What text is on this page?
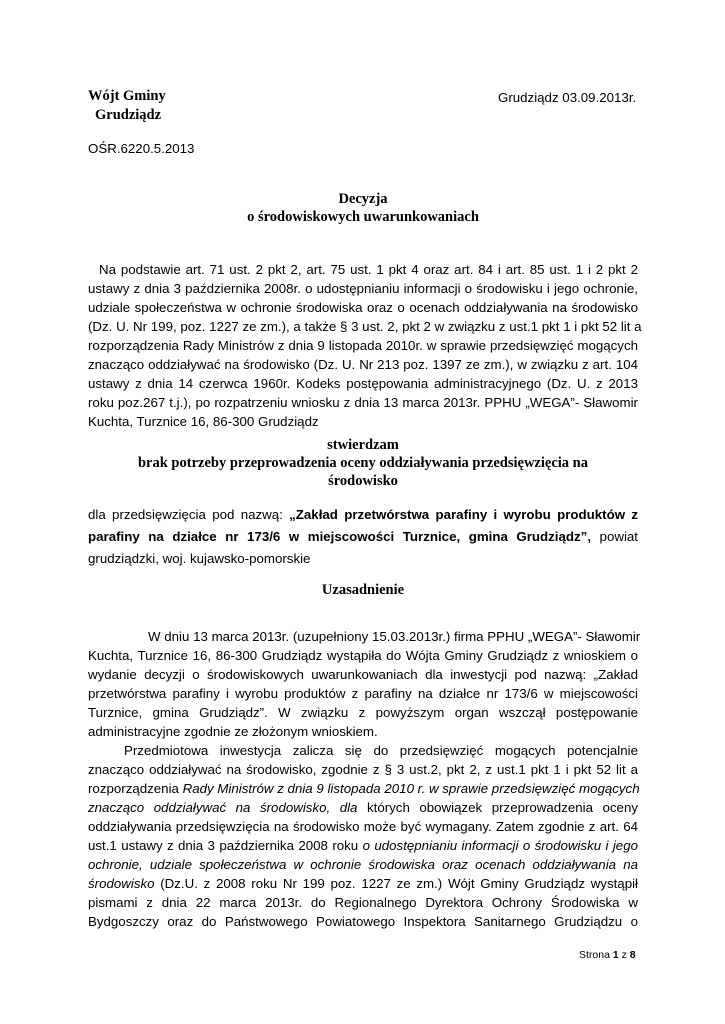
Wójt Gminy
Grudziądz
Grudziądz 03.09.2013r.
OŚR.6220.5.2013
Decyzja
o środowiskowych uwarunkowaniach
Na podstawie art. 71 ust. 2 pkt 2, art. 75 ust. 1 pkt 4 oraz art. 84 i art. 85 ust. 1 i 2 pkt 2
ustawy z dnia 3 października 2008r. o udostępnianiu informacji o środowisku i jego ochronie,
udziale społeczeństwa w ochronie środowiska oraz o ocenach oddziaływania na środowisko
(Dz. U. Nr 199, poz. 1227 ze zm.), a także § 3 ust. 2, pkt 2 w związku z ust.1 pkt 1 i pkt 52 lit a
rozporządzenia Rady Ministrów z dnia 9 listopada 2010r. w sprawie przedsięwzięć mogących
znacząco oddziaływać na środowisko (Dz. U. Nr 213 poz. 1397 ze zm.), w związku z art. 104
ustawy z dnia 14 czerwca 1960r. Kodeks postępowania administracyjnego (Dz. U. z 2013
roku poz.267 t.j.), po rozpatrzeniu wniosku z dnia 13 marca 2013r. PPHU „WEGA”- Sławomir
Kuchta, Turznice 16, 86-300 Grudziądz
stwierdzam
brak potrzeby przeprowadzenia oceny oddziaływania przedsięwzięcia na
środowisko
dla przedsięwzięcia pod nazwą: „Zakład przetwórstwa parafiny i wyrobu produktów z
parafiny na działce nr 173/6 w miejscowości Turznice, gmina Grudziądz”, powiat
grudziądzki, woj. kujawsko-pomorskie
Uzasadnienie
W dniu 13 marca 2013r. (uzupełniony 15.03.2013r.) firma PPHU „WEGA”- Sławomir
Kuchta, Turznice 16, 86-300 Grudziądz wystąpiła do Wójta Gminy Grudziądz z wnioskiem o
wydanie decyzji o środowiskowych uwarunkowaniach dla inwestycji pod nazwą: „Zakład
przetwórstwa parafiny i wyrobu produktów z parafiny na działce nr 173/6 w miejscowości
Turznice, gmina Grudziądz”. W związku z powyższym organ wszczął postępowanie
administracyjne zgodnie ze złożonym wnioskiem.
Przedmiotowa inwestycja zalicza się do przedsięwzięć mogących potencjalnie
znacząco oddziaływać na środowisko, zgodnie z § 3 ust.2, pkt 2, z ust.1 pkt 1 i pkt 52 lit a
rozporządzenia Rady Ministrów z dnia 9 listopada 2010 r. w sprawie przedsięwzięć mogących
znacząco oddziaływać na środowisko, dla których obowiązek przeprowadzenia oceny
oddziaływania przedsięwzięcia na środowisko może być wymagany. Zatem zgodnie z art. 64
ust.1 ustawy z dnia 3 października 2008 roku o udostępnianiu informacji o środowisku i jego
ochronie, udziale społeczeństwa w ochronie środowiska oraz ocenach oddziaływania na
środowisko (Dz.U. z 2008 roku Nr 199 poz. 1227 ze zm.) Wójt Gminy Grudziądz wystąpił
pismami z dnia 22 marca 2013r. do Regionalnego Dyrektora Ochrony Środowiska w
Bydgoszczy oraz do Państwowego Powiatowego Inspektora Sanitarnego Grudziądzu o
Strona 1 z 8
